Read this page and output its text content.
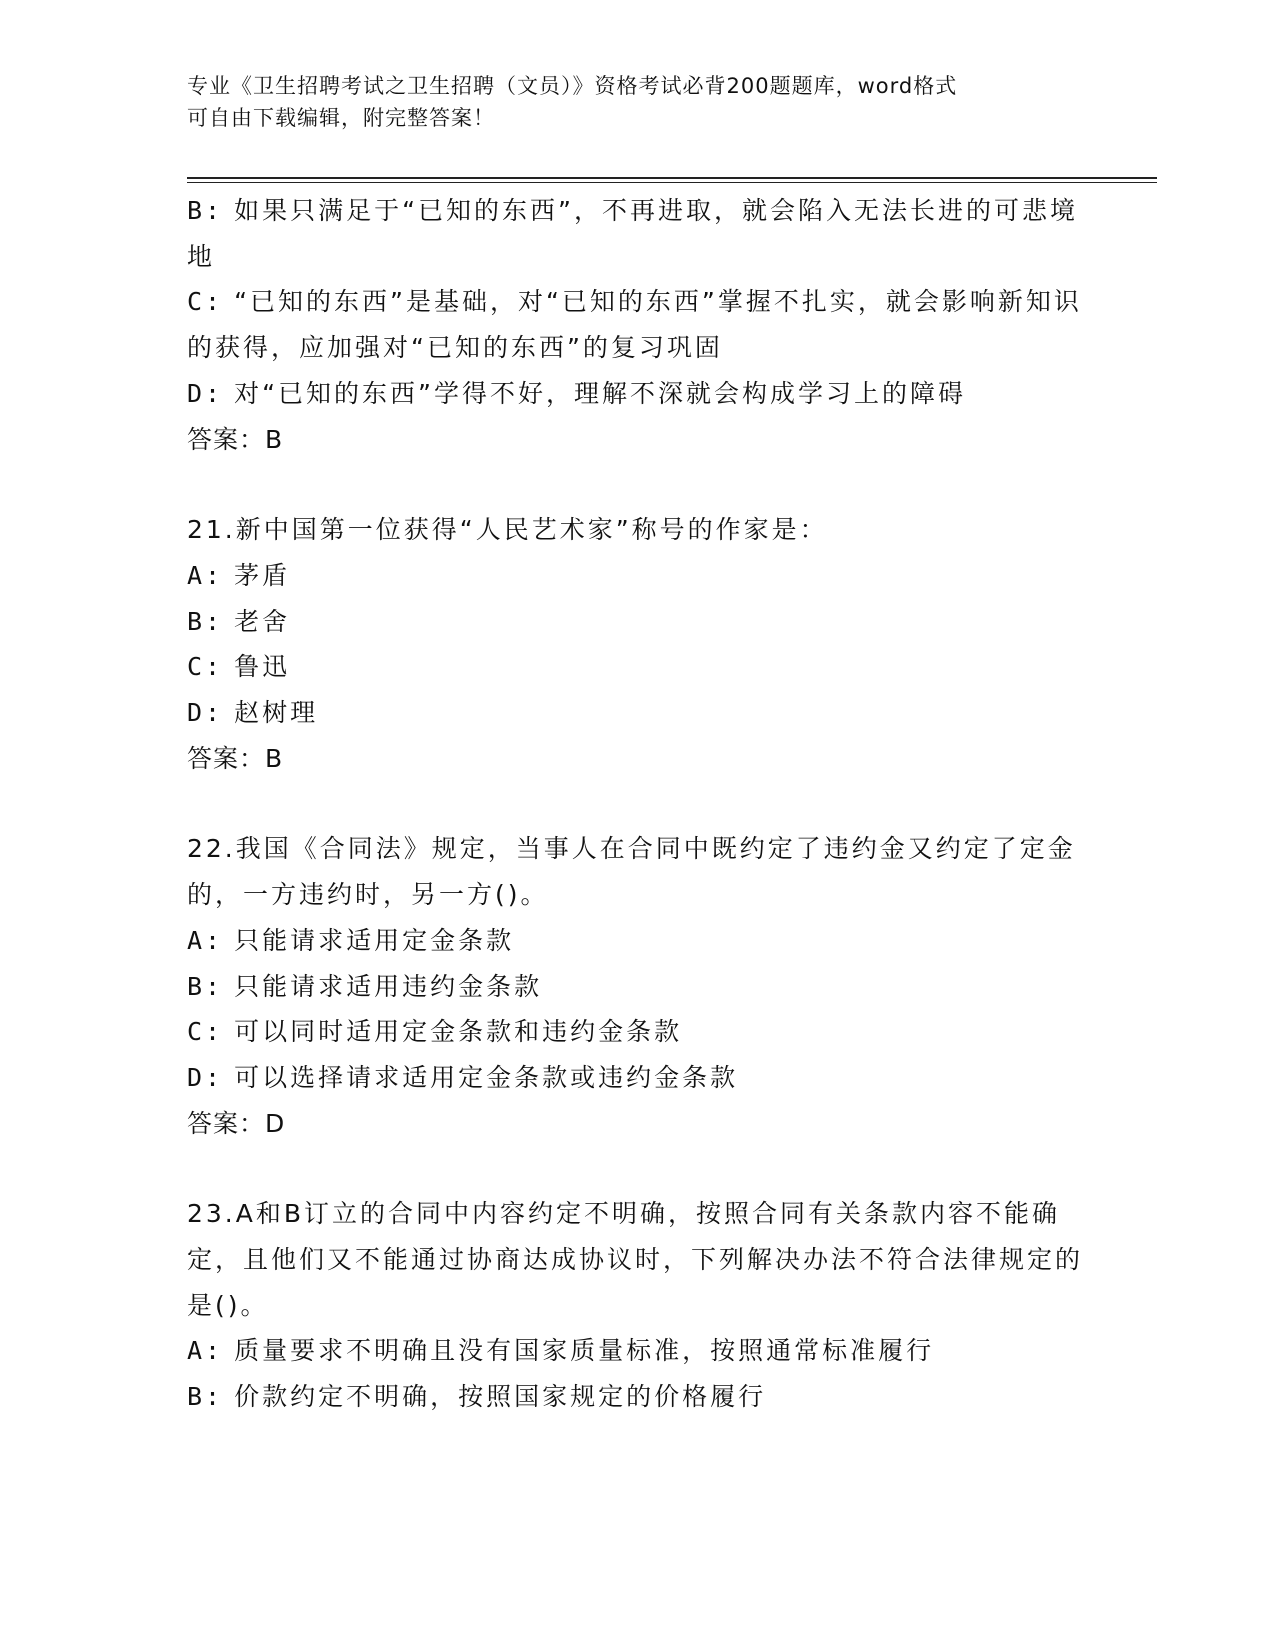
专业《卫生招聘考试之卫生招聘（文员）》资格考试必背200题题库，word格式
可自由下载编辑，附完整答案！

B: 如果只满足于“已知的东西”，不再进取，就会陷入无法长进的可悲境地

C: “已知的东西”是基础，对“已知的东西”掌握不扎实，就会影响新知识的获得，应加强对“已知的东西”的复习巩固

D: 对“已知的东西”学得不好，理解不深就会构成学习上的障碍

答案：B

21.新中国第一位获得“人民艺术家”称号的作家是：

A: 茅盾

B: 老舍

C: 鲁迅

D: 赵树理

答案：B

22.我国《合同法》规定，当事人在合同中既约定了违约金又约定了定金的，一方违约时，另一方()。

A: 只能请求适用定金条款

B: 只能请求适用违约金条款

C: 可以同时适用定金条款和违约金条款

D: 可以选择请求适用定金条款或违约金条款

答案：D

23.A和B订立的合同中内容约定不明确，按照合同有关条款内容不能确定，且他们又不能通过协商达成协议时，下列解决办法不符合法律规定的是()。

A: 质量要求不明确且没有国家质量标准，按照通常标准履行

B: 价款约定不明确，按照国家规定的价格履行
